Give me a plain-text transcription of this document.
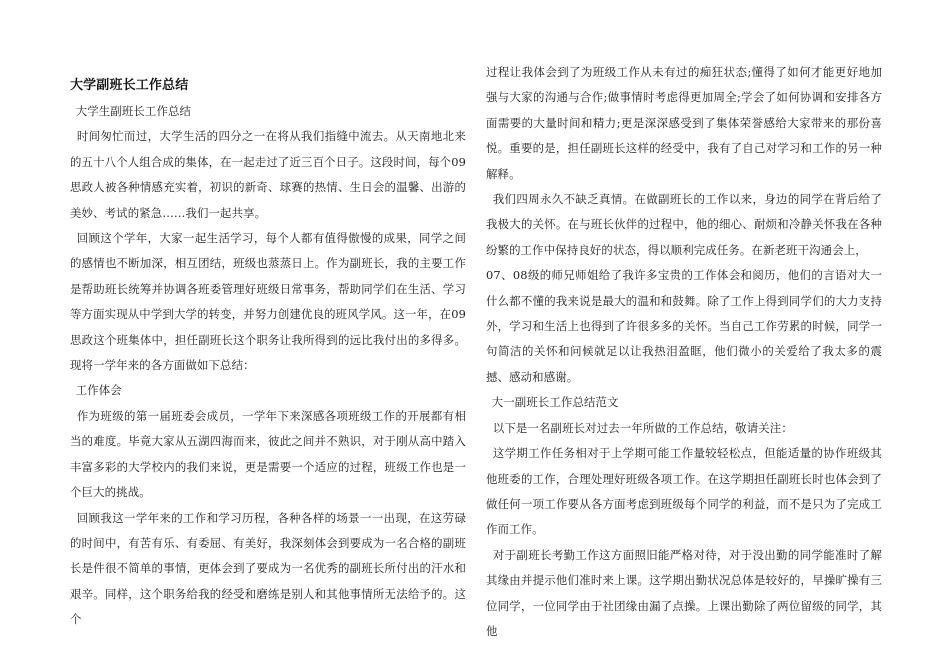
大学副班长工作总结

大学生副班长工作总结

时间匆忙而过，大学生活的四分之一在将从我们指缝中流去。从天南地北来的五十八个人组合成的集体，在一起走过了近三百个日子。这段时间，每个09思政人被各种情感充实着，初识的新奇、球赛的热情、生日会的温馨、出游的美妙、考试的紧急……我们一起共享。

回顾这个学年，大家一起生活学习，每个人都有值得傲慢的成果，同学之间的感情也不断加深，相互团结，班级也蒸蒸日上。作为副班长，我的主要工作是帮助班长统筹并协调各班委管理好班级日常事务，帮助同学们在生活、学习等方面实现从中学到大学的转变，并努力创建优良的班风学风。这一年，在09思政这个班集体中，担任副班长这个职务让我所得到的远比我付出的多得多。现将一学年来的各方面做如下总结：

工作体会

作为班级的第一届班委会成员，一学年下来深感各项班级工作的开展都有相当的难度。毕竟大家从五湖四海而来，彼此之间并不熟识，对于刚从高中踏入丰富多彩的大学校内的我们来说，更是需要一个适应的过程，班级工作也是一个巨大的挑战。

回顾我这一学年来的工作和学习历程，各种各样的场景一一出现，在这劳碌的时间中，有苦有乐、有委屈、有美好，我深刻体会到要成为一名合格的副班长是件很不简单的事情，更体会到了要成为一名优秀的副班长所付出的汗水和艰辛。同样，这个职务给我的经受和磨练是别人和其他事情所无法给予的。这个

过程让我体会到了为班级工作从未有过的痴狂状态;懂得了如何才能更好地加强与大家的沟通与合作;做事情时考虑得更加周全;学会了如何协调和安排各方面需要的大量时间和精力;更是深深感受到了集体荣誉感给大家带来的那份喜悦。重要的是，担任副班长这样的经受中，我有了自己对学习和工作的另一种解释。

我们四周永久不缺乏真情。在做副班长的工作以来，身边的同学在背后给了我极大的关怀。在与班长伙伴的过程中，他的细心、耐烦和冷静关怀我在各种纷繁的工作中保持良好的状态，得以顺利完成任务。在新老班干沟通会上，

07、08级的师兄师姐给了我许多宝贵的工作体会和阅历，他们的言语对大一什么都不懂的我来说是最大的温和和鼓舞。除了工作上得到同学们的大力支持外，学习和生活上也得到了许很多多的关怀。当自己工作劳累的时候，同学一句简洁的关怀和问候就足以让我热泪盈眶，他们微小的关爱给了我太多的震撼、感动和感谢。

大一副班长工作总结范文

以下是一名副班长对过去一年所做的工作总结，敬请关注：

这学期工作任务相对于上学期可能工作量较轻松点，但能适量的协作班级其他班委的工作，合理处理好班级各项工作。在这学期担任副班长时也体会到了做任何一项工作要从各方面考虑到班级每个同学的利益，而不是只为了完成工作而工作。

对于副班长考勤工作这方面照旧能严格对待，对于没出勤的同学能准时了解其缘由并提示他们准时来上课。这学期出勤状况总体是较好的，早操旷操有三位同学，一位同学由于社团缘由漏了点操。上课出勤除了两位留级的同学，其他
